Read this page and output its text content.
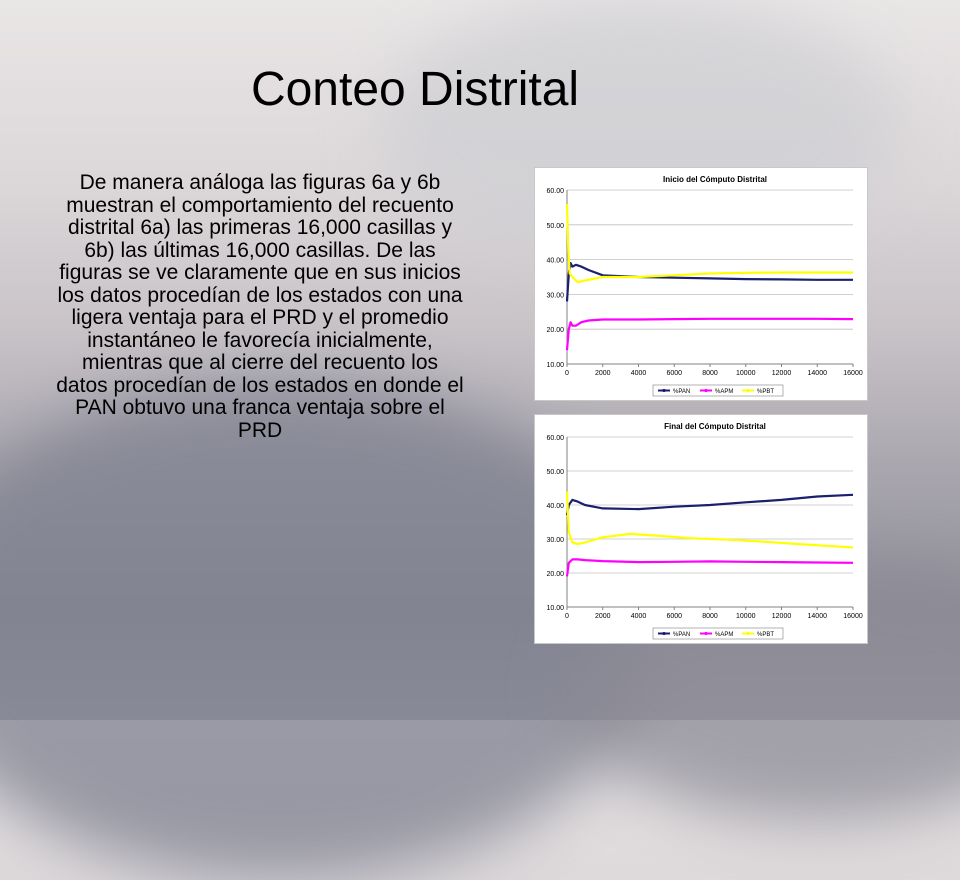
Conteo Distrital
De manera análoga las figuras 6a y 6b muestran el comportamiento del recuento distrital 6a) las primeras 16,000 casillas y 6b) las últimas 16,000 casillas. De las figuras se ve claramente que en sus inicios los datos procedían de los estados con una ligera ventaja para el PRD y el promedio instantáneo le favorecía inicialmente, mientras que al cierre del recuento los datos procedían de los estados en donde el PAN obtuvo una franca ventaja sobre el PRD
Inicio del Cómputo Distrital
10.00
20.00
30.00
40.00
50.00
60.00
0	2000	4000	6000	8000	10000 12000 14000 16000
%PAN	%APM	%PBT
Final del Cómputo Distrital
10.00
20.00
30.00
40.00
50.00
60.00
0	2000	4000	6000	8000	10000 12000 14000 16000
%PAN	%APM	%PBT
